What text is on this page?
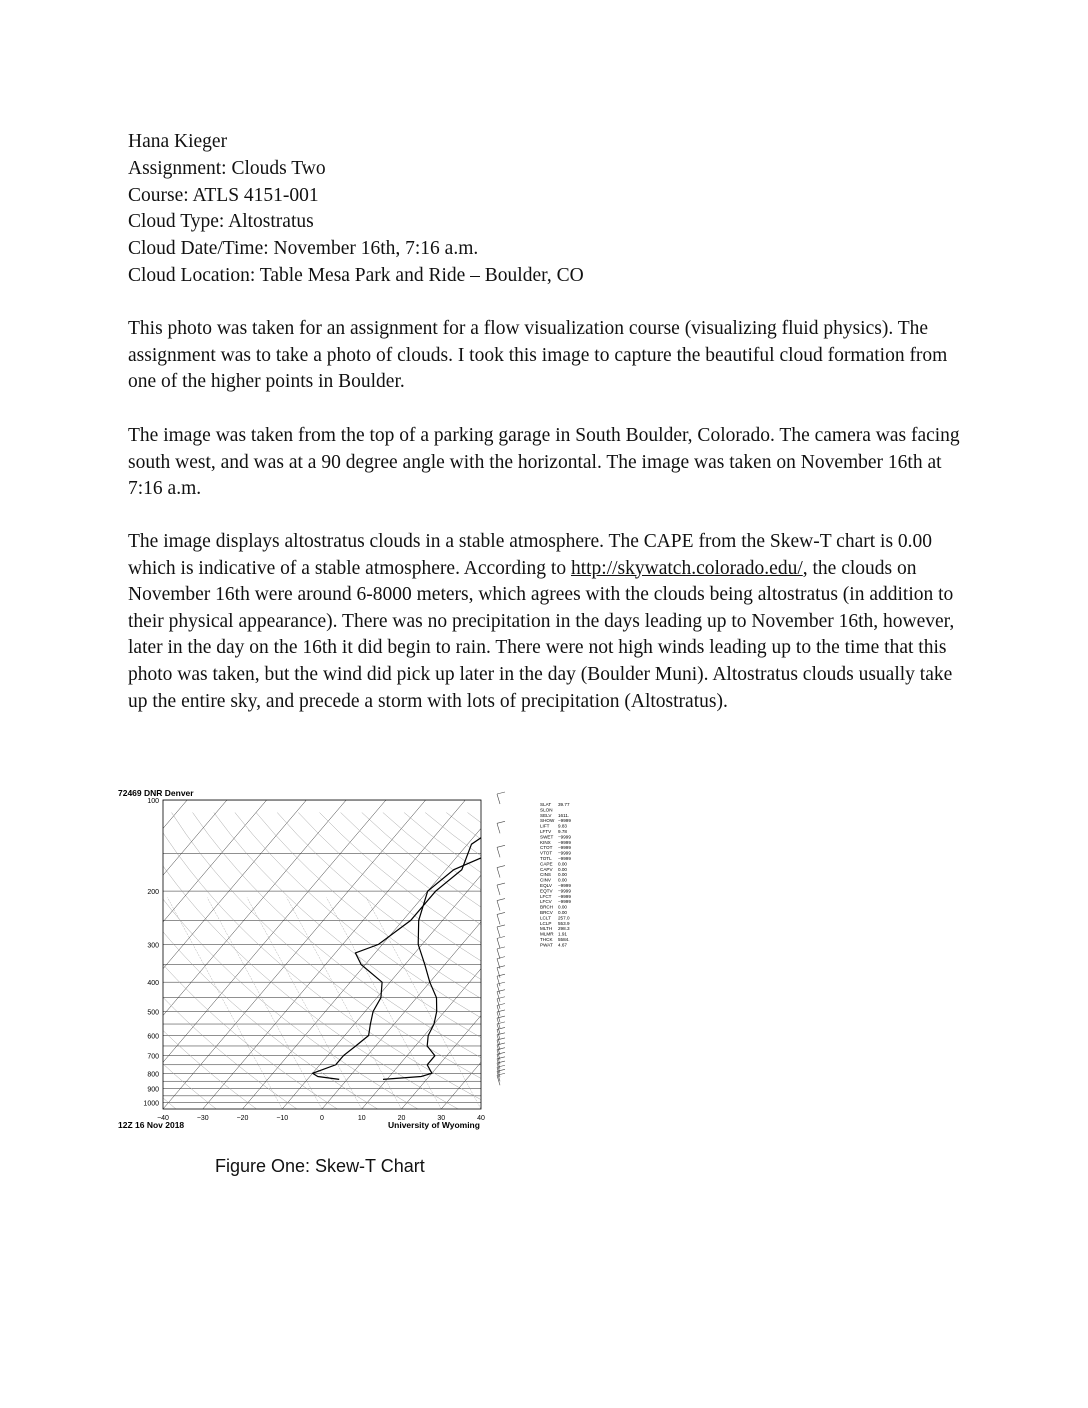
Hana Kieger
Assignment: Clouds Two
Course: ATLS 4151-001
Cloud Type: Altostratus
Cloud Date/Time: November 16th, 7:16 a.m.
Cloud Location: Table Mesa Park and Ride – Boulder, CO

This photo was taken for an assignment for a flow visualization course (visualizing fluid physics). The assignment was to take a photo of clouds. I took this image to capture the beautiful cloud formation from one of the higher points in Boulder.

The image was taken from the top of a parking garage in South Boulder, Colorado. The camera was facing south west, and was at a 90 degree angle with the horizontal. The image was taken on November 16th at 7:16 a.m.

The image displays altostratus clouds in a stable atmosphere. The CAPE from the Skew-T chart is 0.00 which is indicative of a stable atmosphere. According to http://skywatch.colorado.edu/, the clouds on November 16th were around 6-8000 meters, which agrees with the clouds being altostratus (in addition to their physical appearance). There was no precipitation in the days leading up to November 16th, however, later in the day on the 16th it did begin to rain. There were not high winds leading up to the time that this photo was taken, but the wind did pick up later in the day (Boulder Muni). Altostratus clouds usually take up the entire sky, and precede a storm with lots of precipitation (Altostratus).

72469 DNR Denver
100
200
300
400
500
600
700
800
900
1000
−40	−30	−20	−10	0	10	20	30	40
SLAT 39.77
SLON
SELV 1611.
SHOW −9999
LIFT 9.83
LFTV 9.78
SWET −9999
KINX −9999
CTOT −9999
VTOT −9999
TOTL −9999
CAPE 0.00
CAPV 0.00
CINS 0.00
CINV 0.00
EQLV −9999
EQTV −9999
LFCT −9999
LFCV −9999
BRCH 0.00
BRCV 0.00
LCLT 257.0
LCLP 553.9
MLTH 298.3
MLMR 1.91
THCK 5584.
PWAT 4.67
12Z 16 Nov 2018	University of Wyoming
Figure One: Skew-T Chart
